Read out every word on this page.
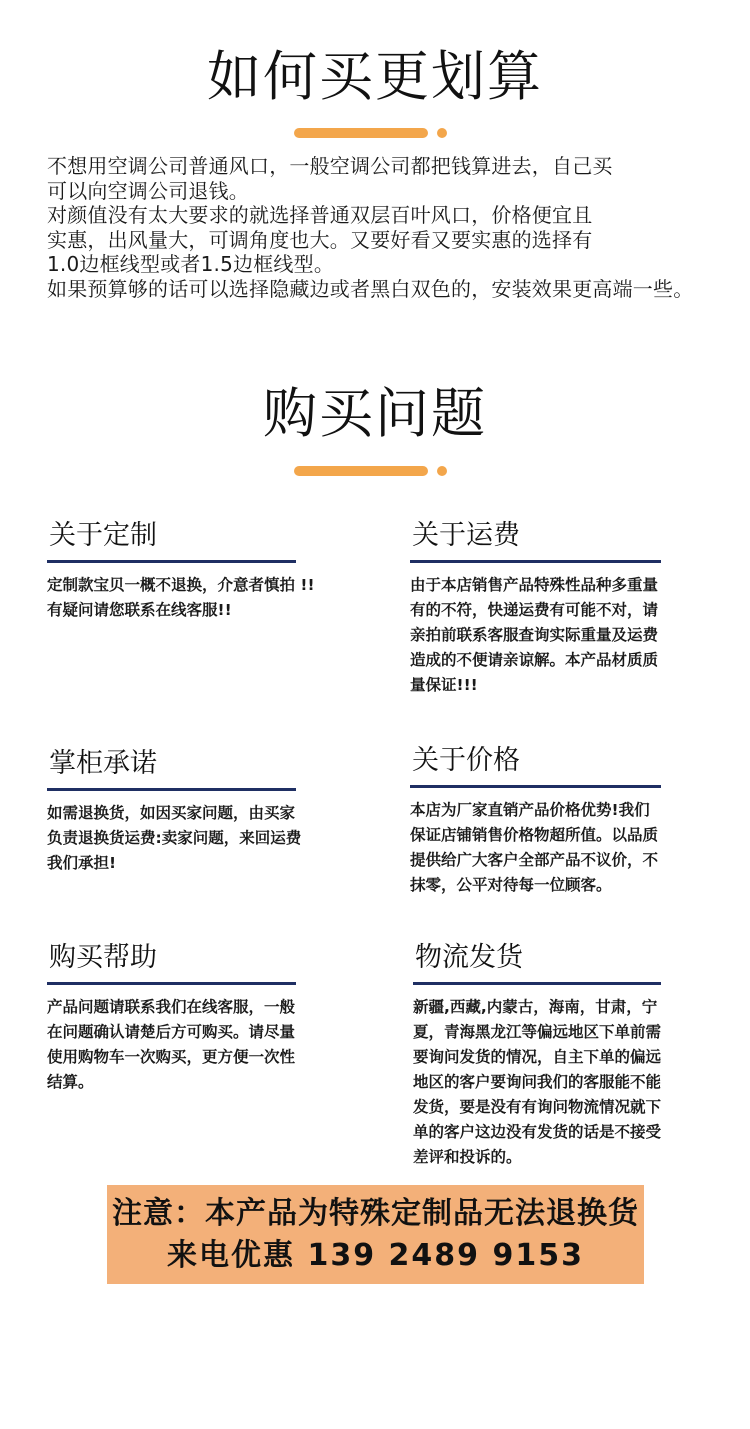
如何买更划算
不想用空调公司普通风口，一般空调公司都把钱算进去，自己买
可以向空调公司退钱。
对颜值没有太大要求的就选择普通双层百叶风口，价格便宜且
实惠，出风量大，可调角度也大。又要好看又要实惠的选择有
1.0边框线型或者1.5边框线型。
如果预算够的话可以选择隐藏边或者黑白双色的，安装效果更高端一些。
购买问题
关于定制
定制款宝贝一概不退换，介意者慎拍 !!
有疑问请您联系在线客服!!
关于运费
由于本店销售产品特殊性品种多重量
有的不符，快递运费有可能不对，请
亲拍前联系客服查询实际重量及运费
造成的不便请亲谅解。本产品材质质
量保证!!!
掌柜承诺
如需退换货，如因买家问题，由买家
负责退换货运费:卖家问题，来回运费
我们承担!
关于价格
本店为厂家直销产品价格优势!我们
保证店铺销售价格物超所值。以品质
提供给广大客户全部产品不议价，不
抹零，公平对待每一位顾客。
购买帮助
产品问题请联系我们在线客服，一般
在问题确认请楚后方可购买。请尽量
使用购物车一次购买，更方便一次性
结算。
物流发货
新疆,西藏,内蒙古，海南，甘肃，宁
夏，青海黑龙江等偏远地区下单前需
要询问发货的情况，自主下单的偏远
地区的客户要询问我们的客服能不能
发货，要是没有有询问物流情况就下
单的客户这边没有发货的话是不接受
差评和投诉的。
注意：本产品为特殊定制品无法退换货
来电优惠 139 2489 9153
